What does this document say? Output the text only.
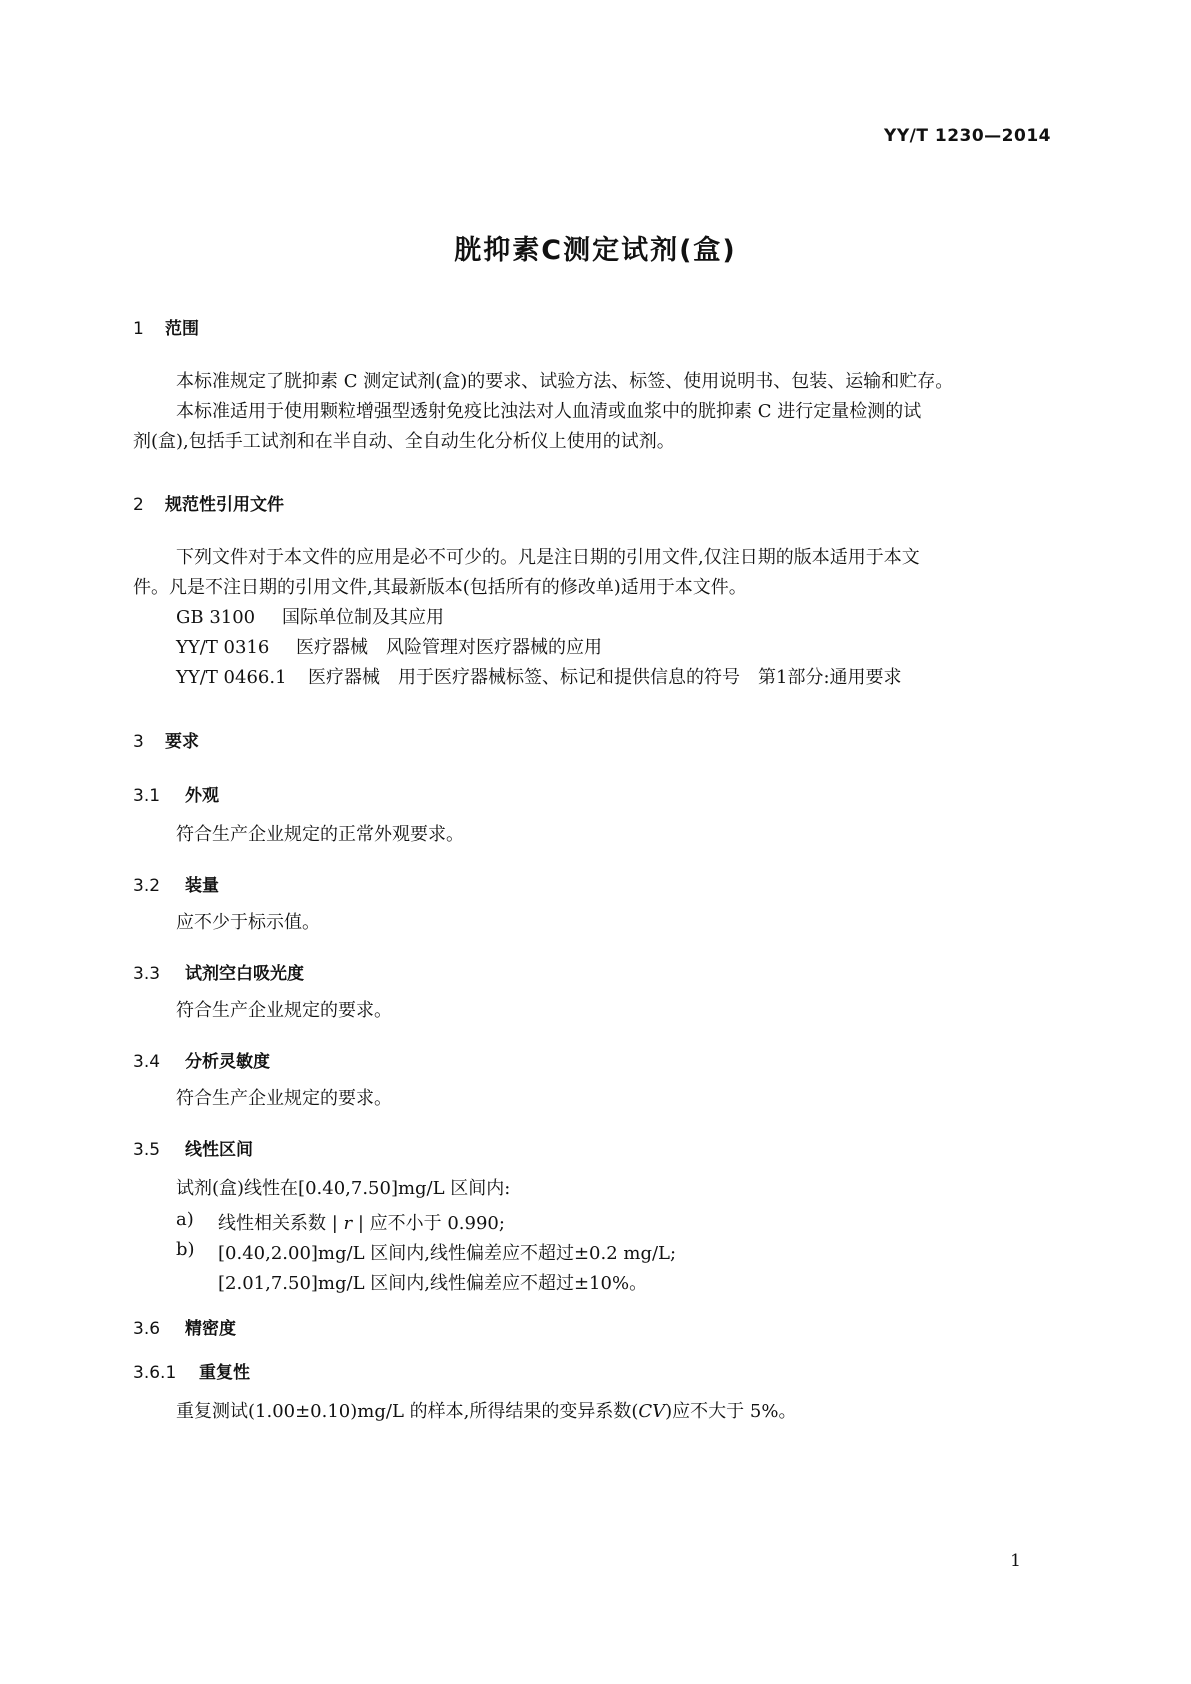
YY/T 1230—2014
胱抑素C测定试剂(盒)
1 范围
本标准规定了胱抑素 C 测定试剂(盒)的要求、试验方法、标签、使用说明书、包装、运输和贮存。
本标准适用于使用颗粒增强型透射免疫比浊法对人血清或血浆中的胱抑素 C 进行定量检测的试
剂(盒),包括手工试剂和在半自动、全自动生化分析仪上使用的试剂。
2 规范性引用文件
下列文件对于本文件的应用是必不可少的。凡是注日期的引用文件,仅注日期的版本适用于本文
件。凡是不注日期的引用文件,其最新版本(包括所有的修改单)适用于本文件。
GB 3100 国际单位制及其应用
YY/T 0316 医疗器械　风险管理对医疗器械的应用
YY/T 0466.1 医疗器械　用于医疗器械标签、标记和提供信息的符号　第1部分:通用要求
3 要求
3.1 外观
符合生产企业规定的正常外观要求。
3.2 装量
应不少于标示值。
3.3 试剂空白吸光度
符合生产企业规定的要求。
3.4 分析灵敏度
符合生产企业规定的要求。
3.5 线性区间
试剂(盒)线性在[0.40,7.50]mg/L 区间内:
a) 线性相关系数 | r | 应不小于 0.990;
b) [0.40,2.00]mg/L 区间内,线性偏差应不超过±0.2 mg/L;
[2.01,7.50]mg/L 区间内,线性偏差应不超过±10%。
3.6 精密度
3.6.1 重复性
重复测试(1.00±0.10)mg/L 的样本,所得结果的变异系数(CV)应不大于 5%。
1
